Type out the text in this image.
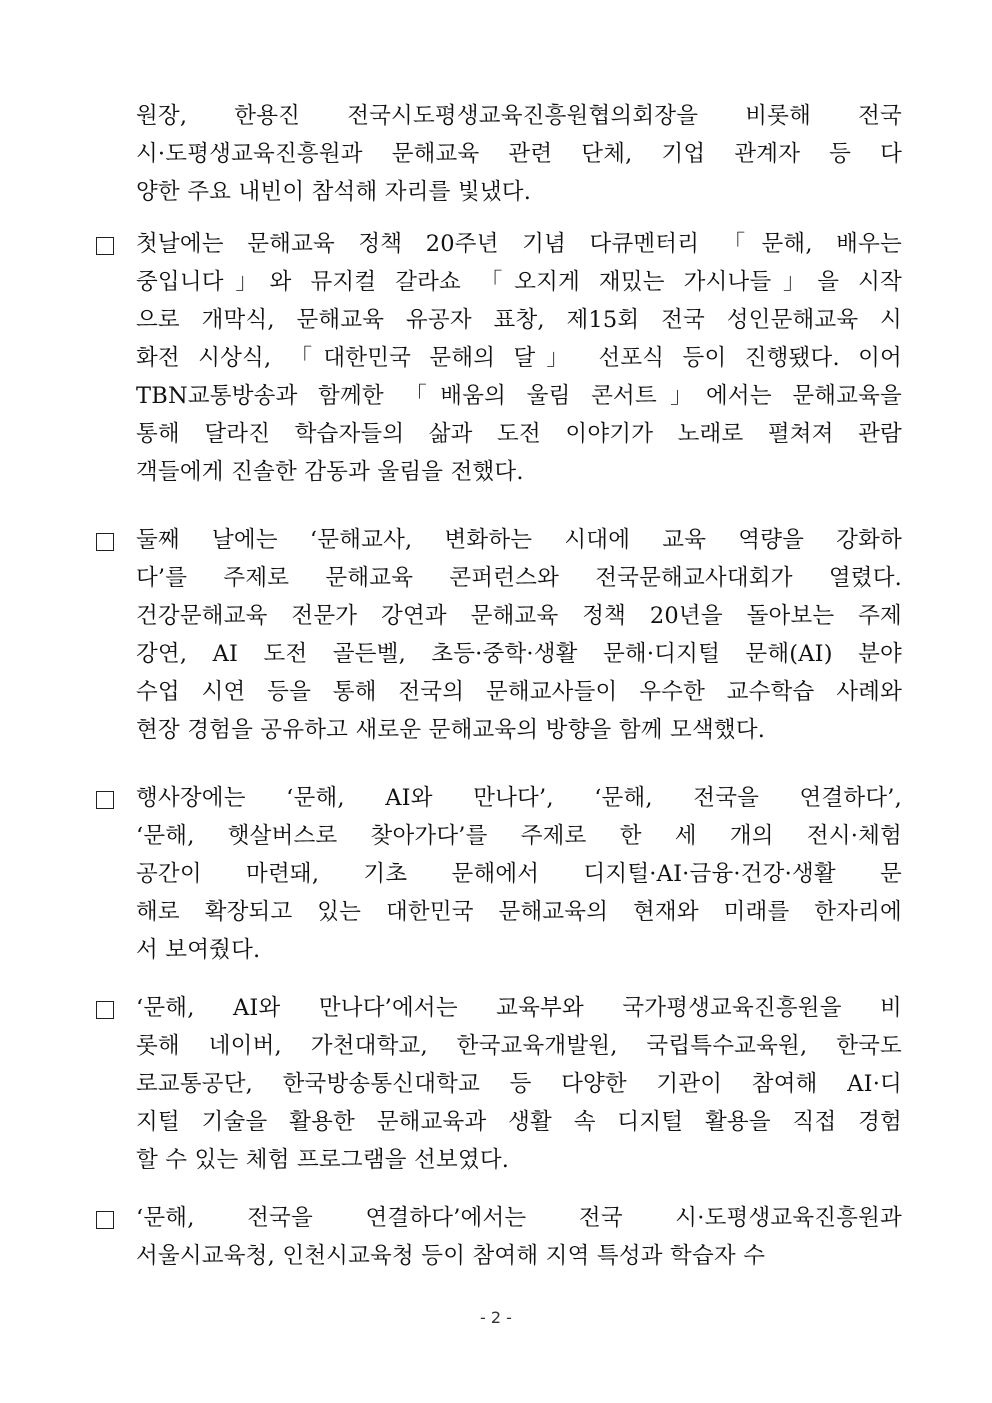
원장, 한용진 전국시도평생교육진흥원협의회장을 비롯해 전국
시·도평생교육진흥원과 문해교육 관련 단체, 기업 관계자 등 다
양한 주요 내빈이 참석해 자리를 빛냈다.
첫날에는 문해교육 정책 20주년 기념 다큐멘터리 「문해, 배우는
중입니다」와 뮤지컬 갈라쇼 「오지게 재밌는 가시나들」을 시작
으로 개막식, 문해교육 유공자 표창, 제15회 전국 성인문해교육 시
화전 시상식, 「대한민국 문해의 달」 선포식 등이 진행됐다. 이어
TBN교통방송과 함께한 「배움의 울림 콘서트」에서는 문해교육을
통해 달라진 학습자들의 삶과 도전 이야기가 노래로 펼쳐져 관람
객들에게 진솔한 감동과 울림을 전했다.
둘째 날에는 ‘문해교사, 변화하는 시대에 교육 역량을 강화하
다’를 주제로 문해교육 콘퍼런스와 전국문해교사대회가 열렸다.
건강문해교육 전문가 강연과 문해교육 정책 20년을 돌아보는 주제
강연, AI 도전 골든벨, 초등·중학·생활 문해·디지털 문해(AI) 분야
수업 시연 등을 통해 전국의 문해교사들이 우수한 교수학습 사례와
현장 경험을 공유하고 새로운 문해교육의 방향을 함께 모색했다.
행사장에는 ‘문해, AI와 만나다’, ‘문해, 전국을 연결하다’,
‘문해, 햇살버스로 찾아가다’를 주제로 한 세 개의 전시·체험
공간이 마련돼, 기초 문해에서 디지털·AI·금융·건강·생활 문
해로 확장되고 있는 대한민국 문해교육의 현재와 미래를 한자리에
서 보여줬다.
‘문해, AI와 만나다’에서는 교육부와 국가평생교육진흥원을 비
롯해 네이버, 가천대학교, 한국교육개발원, 국립특수교육원, 한국도
로교통공단, 한국방송통신대학교 등 다양한 기관이 참여해 AI·디
지털 기술을 활용한 문해교육과 생활 속 디지털 활용을 직접 경험
할 수 있는 체험 프로그램을 선보였다.
‘문해, 전국을 연결하다’에서는 전국 시·도평생교육진흥원과
서울시교육청, 인천시교육청 등이 참여해 지역 특성과 학습자 수
- 2 -
